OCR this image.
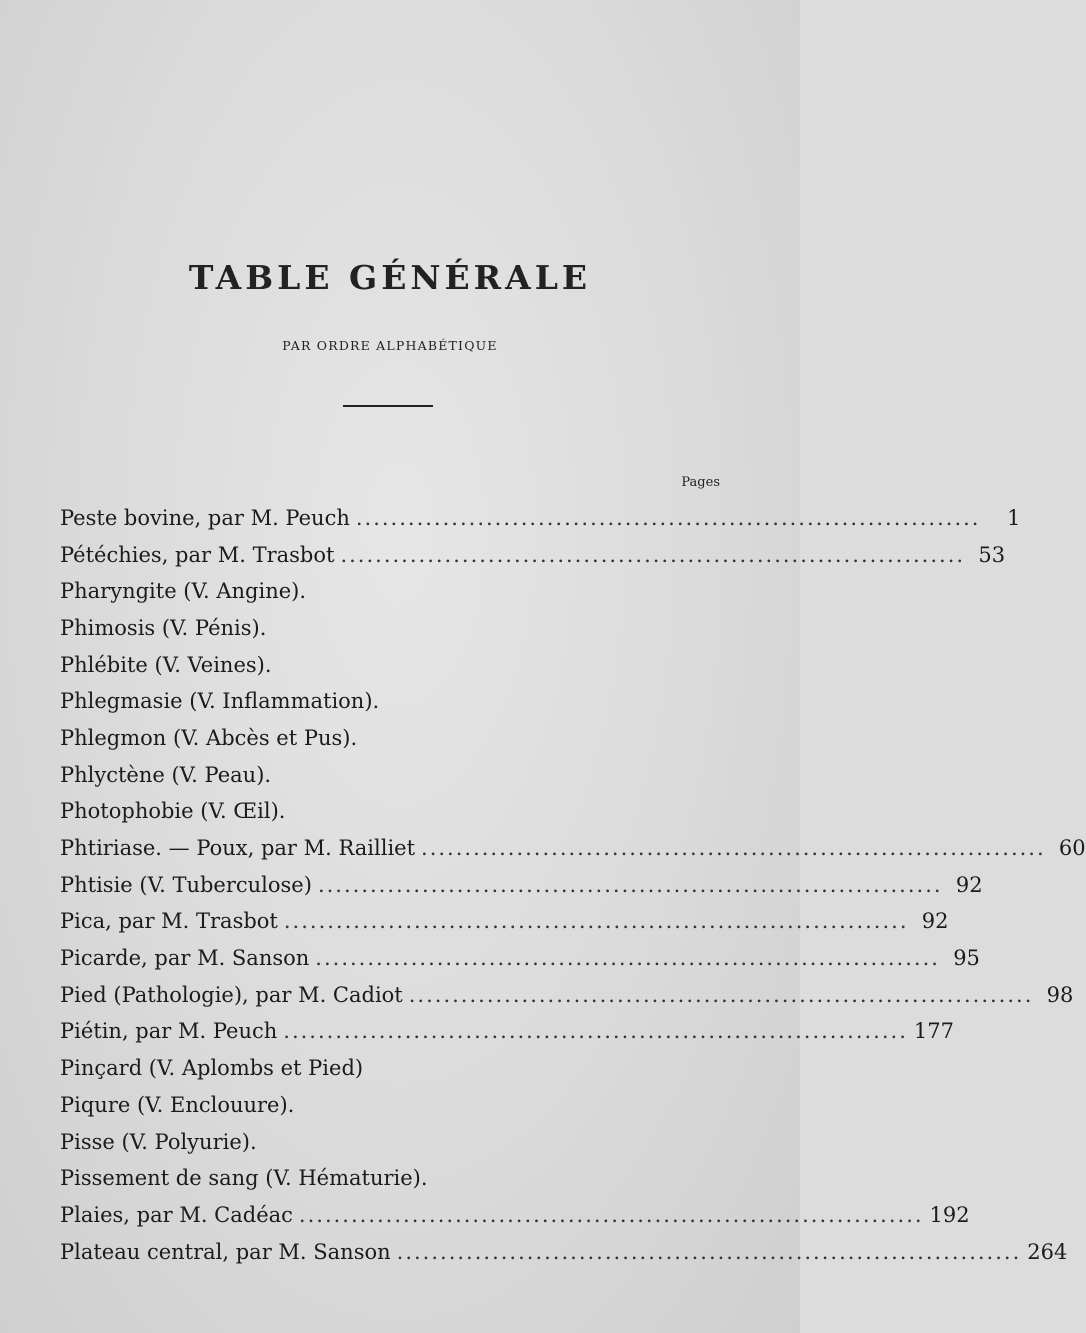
TABLE GÉNÉRALE
PAR ORDRE ALPHABÉTIQUE
Pages
Peste bovine, par M. Peuch ........................................................................	1
Pétéchies, par M. Trasbot ........................................................................ 53
Pharyngite (V. Angine).
Phimosis (V. Pénis).
Phlébite (V. Veines).
Phlegmasie (V. Inflammation).
Phlegmon (V. Abcès et Pus).
Phlyctène (V. Peau).
Photophobie (V. Œil).
Phtiriase. — Poux, par M. Railliet ........................................................................ 60
Phtisie (V. Tuberculose) ........................................................................ 92
Pica, par M. Trasbot ........................................................................ 92
Picarde, par M. Sanson ........................................................................ 95
Pied (Pathologie), par M. Cadiot ........................................................................ 98
Piétin, par M. Peuch ........................................................................ 177
Pinçard (V. Aplombs et Pied)
Piqure (V. Enclouure).
Pisse (V. Polyurie).
Pissement de sang (V. Hématurie).
Plaies, par M. Cadéac ........................................................................ 192
Plateau central, par M. Sanson ........................................................................ 264
